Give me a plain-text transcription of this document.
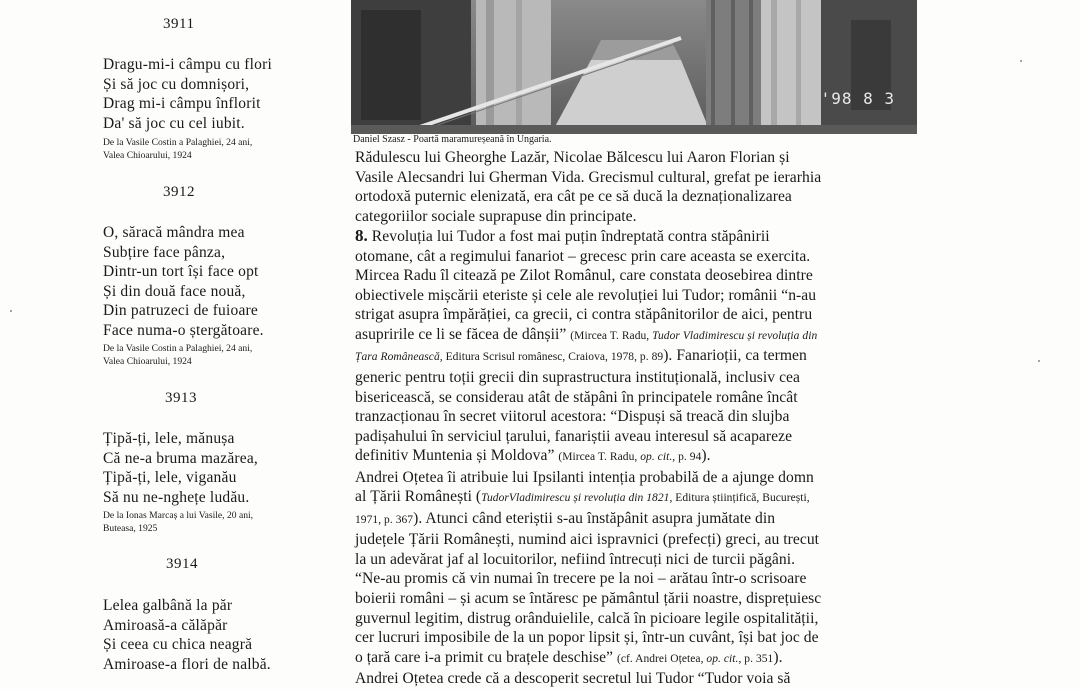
3911
Dragu-mi-i câmpu cu flori
Și să joc cu domnișori,
Drag mi-i câmpu înflorit
Da' să joc cu cel iubit.
De la Vasile Costin a Palaghiei, 24 ani,
Valea Chioarului, 1924
3912
O, săracă mândra mea
Subțire face pânza,
Dintr-un tort își face opt
Și din două face nouă,
Din patruzeci de fuioare
Face numa-o ștergătoare.
De la Vasile Costin a Palaghiei, 24 ani,
Valea Chioarului, 1924
3913
Țipă-ți, lele, mănușa
Că ne-a bruma mazărea,
Țipă-ți, lele, viganău
Să nu ne-nghețe ludău.
De la Ionas Marcaș a lui Vasile, 20 ani,
Buteasa, 1925
3914
Lelea galbână la păr
Amiroasă-a călăpăr
Și ceea cu chica neagră
Amiroase-a flori de nalbă.
'98 8 3
Daniel Szasz - Poartă maramureșeană în Ungaria.
Rădulescu lui Gheorghe Lazăr, Nicolae Bălcescu lui Aaron Florian și
Vasile Alecsandri lui Gherman Vida. Grecismul cultural, grefat pe ierarhia
ortodoxă puternic elenizată, era cât pe ce să ducă la deznaționalizarea
categoriilor sociale suprapuse din principate.
8. Revoluția lui Tudor a fost mai puțin îndreptată contra stăpânirii
otomane, cât a regimului fanariot – grecesc prin care aceasta se exercita.
Mircea Radu îl citează pe Zilot Românul, care constata deosebirea dintre
obiectivele mișcării eteriste și cele ale revoluției lui Tudor; românii “n-au
strigat asupra împărăției, ca grecii, ci contra stăpânitorilor de aici, pentru
asupririle ce li se făcea de dânșii” (Mircea T. Radu, Tudor Vladimirescu și revoluția din
Țara Românească, Editura Scrisul românesc, Craiova, 1978, p. 89). Fanarioții, ca termen
generic pentru toții grecii din suprastructura instituțională, inclusiv cea
bisericească, se considerau atât de stăpâni în principatele române încât
tranzacționau în secret viitorul acestora: “Dispuși să treacă din slujba
padișahului în serviciul țarului, fanariștii aveau interesul să acapareze
definitiv Muntenia și Moldova” (Mircea T. Radu, op. cit., p. 94).
Andrei Oțetea îi atribuie lui Ipsilanti intenția probabilă de a ajunge domn
al Țării Românești (TudorVladimirescu și revoluția din 1821, Editura științifică, București,
1971, p. 367). Atunci când eteriștii s-au înstăpânit asupra jumătate din
județele Țării Românești, numind aici ispravnici (prefecți) greci, au trecut
la un adevărat jaf al locuitorilor, nefiind întrecuți nici de turcii păgâni.
“Ne-au promis că vin numai în trecere pe la noi – arătau într-o scrisoare
boierii români – și acum se întăresc pe pământul țării noastre, disprețuiesc
guvernul legitim, distrug orânduielile, calcă în picioare legile ospitalității,
cer lucruri imposibile de la un popor lipsit și, într-un cuvânt, își bat joc de
o țară care i-a primit cu brațele deschise” (cf. Andrei Oțetea, op. cit., p. 351).
Andrei Oțetea crede că a descoperit secretul lui Tudor “Tudor voia să
